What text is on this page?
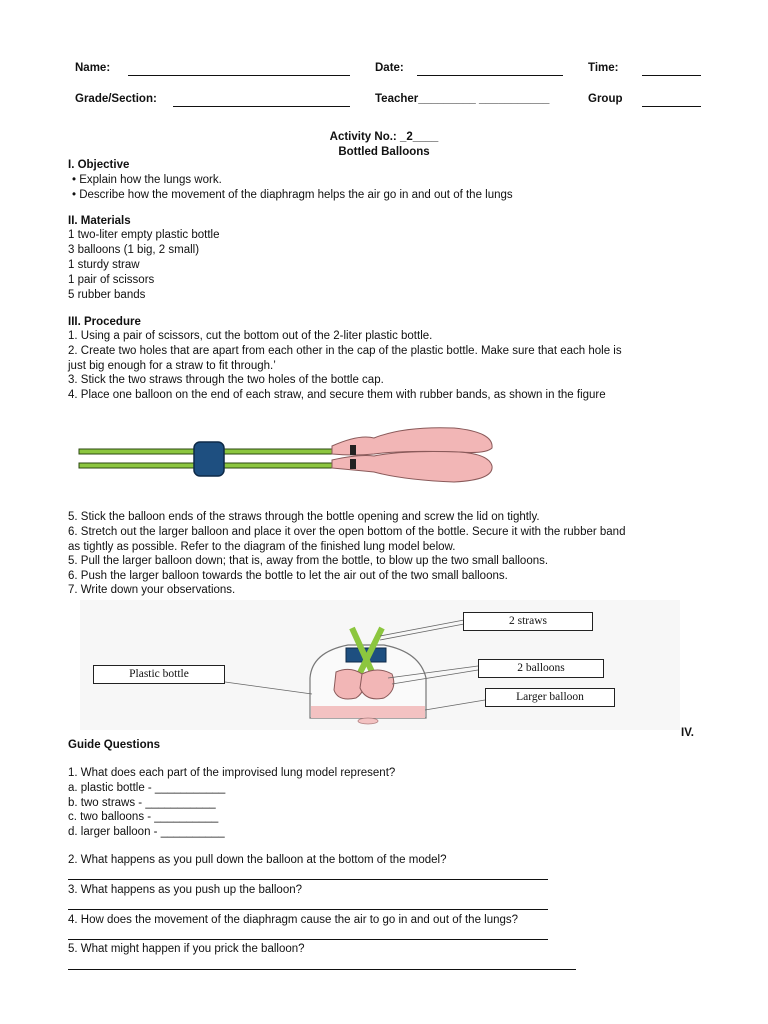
Name:	Date:	Time:
Grade/Section:	Teacher_________ ___________	Group
Activity No.: _2____
Bottled Balloons
I. Objective
• Explain how the lungs work.
• Describe how the movement of the diaphragm helps the air go in and out of the lungs
II. Materials
1 two-liter empty plastic bottle
3 balloons (1 big, 2 small)
1 sturdy straw
1 pair of scissors
5 rubber bands
III. Procedure
1. Using a pair of scissors, cut the bottom out of the 2-liter plastic bottle.
2. Create two holes that are apart from each other in the cap of the plastic bottle. Make sure that each hole is
just big enough for a straw to fit through.’
3. Stick the two straws through the two holes of the bottle cap.
4. Place one balloon on the end of each straw, and secure them with rubber bands, as shown in the figure
5. Stick the balloon ends of the straws through the bottle opening and screw the lid on tightly.
6. Stretch out the larger balloon and place it over the open bottom of the bottle. Secure it with the rubber band
as tightly as possible. Refer to the diagram of the finished lung model below.
5. Pull the larger balloon down; that is, away from the bottle, to blow up the two small balloons.
6. Push the larger balloon towards the bottle to let the air out of the two small balloons.
7. Write down your observations.
2 straws
2 balloons
Larger balloon
Plastic bottle
IV.
Guide Questions
1. What does each part of the improvised lung model represent?
a. plastic bottle - ___________
b. two straws - ___________
c. two balloons - __________
d. larger balloon - __________
2. What happens as you pull down the balloon at the bottom of the model?
3. What happens as you push up the balloon?
4. How does the movement of the diaphragm cause the air to go in and out of the lungs?
5. What might happen if you prick the balloon?
